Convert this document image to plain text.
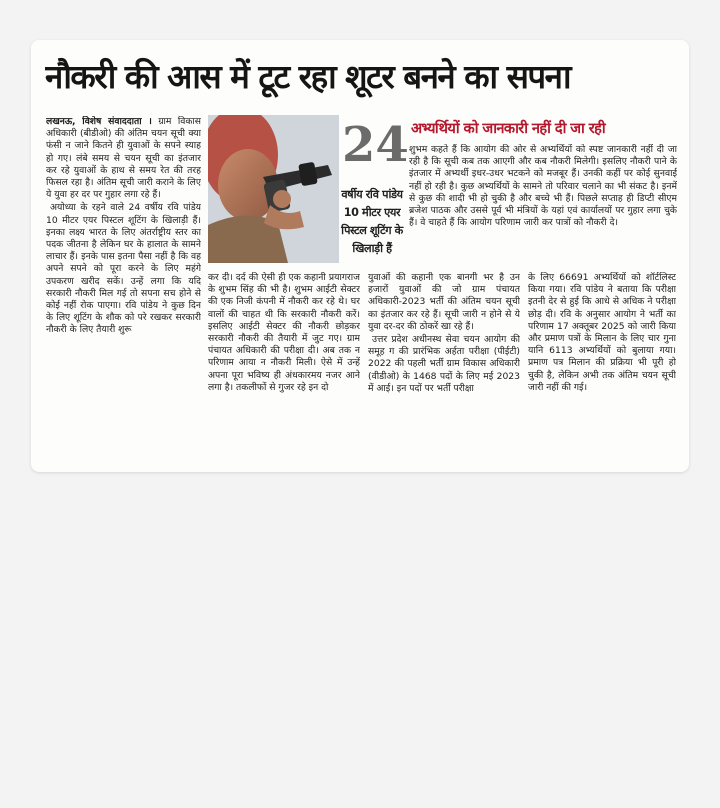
नौकरी की आस में टूट रहा शूटर बनने का सपना

लखनऊ, विशेष संवाददाता । ग्राम विकास अधिकारी (बीडीओ) की अंतिम चयन सूची क्या फंसी न जाने कितने ही युवाओं के सपने स्याह हो गए। लंबे समय से चयन सूची का इंतजार कर रहे युवाओं के हाथ से समय रेत की तरह फिसल रहा है। अंतिम सूची जारी कराने के लिए ये युवा हर दर पर गुहार लगा रहे हैं।

अयोध्या के रहने वाले 24 वर्षीय रवि पांडेय 10 मीटर एयर पिस्टल शूटिंग के खिलाड़ी हैं। इनका लक्ष्य भारत के लिए अंतर्राष्ट्रीय स्तर का पदक जीतना है लेकिन घर के हालात के सामने लाचार हैं। इनके पास इतना पैसा नहीं है कि वह अपने सपने को पूरा करने के लिए महंगे उपकरण खरीद सकें। उन्हें लगा कि यदि सरकारी नौकरी मिल गई तो सपना सच होने से कोई नहीं रोक पाएगा। रवि पांडेय ने कुछ दिन के लिए शूटिंग के शौक को परे रखकर सरकारी नौकरी के लिए तैयारी शुरू

24
वर्षीय रवि पांडेय 10 मीटर एयर पिस्टल शूटिंग के खिलाड़ी हैं
अभ्यर्थियों को जानकारी नहीं दी जा रही
शुभम कहते हैं कि आयोग की ओर से अभ्यर्थियों को स्पष्ट जानकारी नहीं दी जा रही है कि सूची कब तक आएगी और कब नौकरी मिलेगी। इसलिए नौकरी पाने के इंतजार में अभ्यर्थी इधर-उधर भटकने को मजबूर हैं। उनकी कहीं पर कोई सुनवाई नहीं हो रही है। कुछ अभ्यर्थियों के सामने तो परिवार चलाने का भी संकट है। इनमें से कुछ की शादी भी हो चुकी है और बच्चे भी हैं। पिछले सप्ताह ही डिप्टी सीएम ब्रजेश पाठक और उससे पूर्व भी मंत्रियों के यहां एवं कार्यालयों पर गुहार लगा चुके हैं। वे चाहते हैं कि आयोग परिणाम जारी कर पात्रों को नौकरी दे।

कर दी। दर्द की ऐसी ही एक कहानी प्रयागराज के शुभम सिंह की भी है। शुभम आईटी सेक्टर की एक निजी कंपनी में नौकरी कर रहे थे। घर वालों की चाहत थी कि सरकारी नौकरी करें। इसलिए आईटी सेक्टर की नौकरी छोड़कर सरकारी नौकरी की तैयारी में जुट गए। ग्राम पंचायत अधिकारी की परीक्षा दी। अब तक न परिणाम आया न नौकरी मिली। ऐसे में उन्हें अपना पूरा भविष्य ही अंधकारमय नजर आने लगा है। तकलीफों से गुजर रहे इन दो

युवाओं की कहानी एक बानगी भर है उन हजारों युवाओं की जो ग्राम पंचायत अधिकारी-2023 भर्ती की अंतिम चयन सूची का इंतजार कर रहे हैं। सूची जारी न होने से ये युवा दर-दर की ठोकरें खा रहे हैं।

उत्तर प्रदेश अधीनस्थ सेवा चयन आयोग की समूह ग की प्रारंभिक अर्हता परीक्षा (पीईटी) 2022 की पहली भर्ती ग्राम विकास अधिकारी (वीडीओ) के 1468 पदों के लिए मई 2023 में आई। इन पदों पर भर्ती परीक्षा

के लिए 66691 अभ्यर्थियों को शॉर्टलिस्ट किया गया। रवि पांडेय ने बताया कि परीक्षा इतनी देर से हुई कि आधे से अधिक ने परीक्षा छोड़ दी। रवि के अनुसार आयोग ने भर्ती का परिणाम 17 अक्तूबर 2025 को जारी किया और प्रमाण पत्रों के मिलान के लिए चार गुना यानि 6113 अभ्यर्थियों को बुलाया गया। प्रमाण पत्र मिलान की प्रक्रिया भी पूरी हो चुकी है, लेकिन अभी तक अंतिम चयन सूची जारी नहीं की गई।
